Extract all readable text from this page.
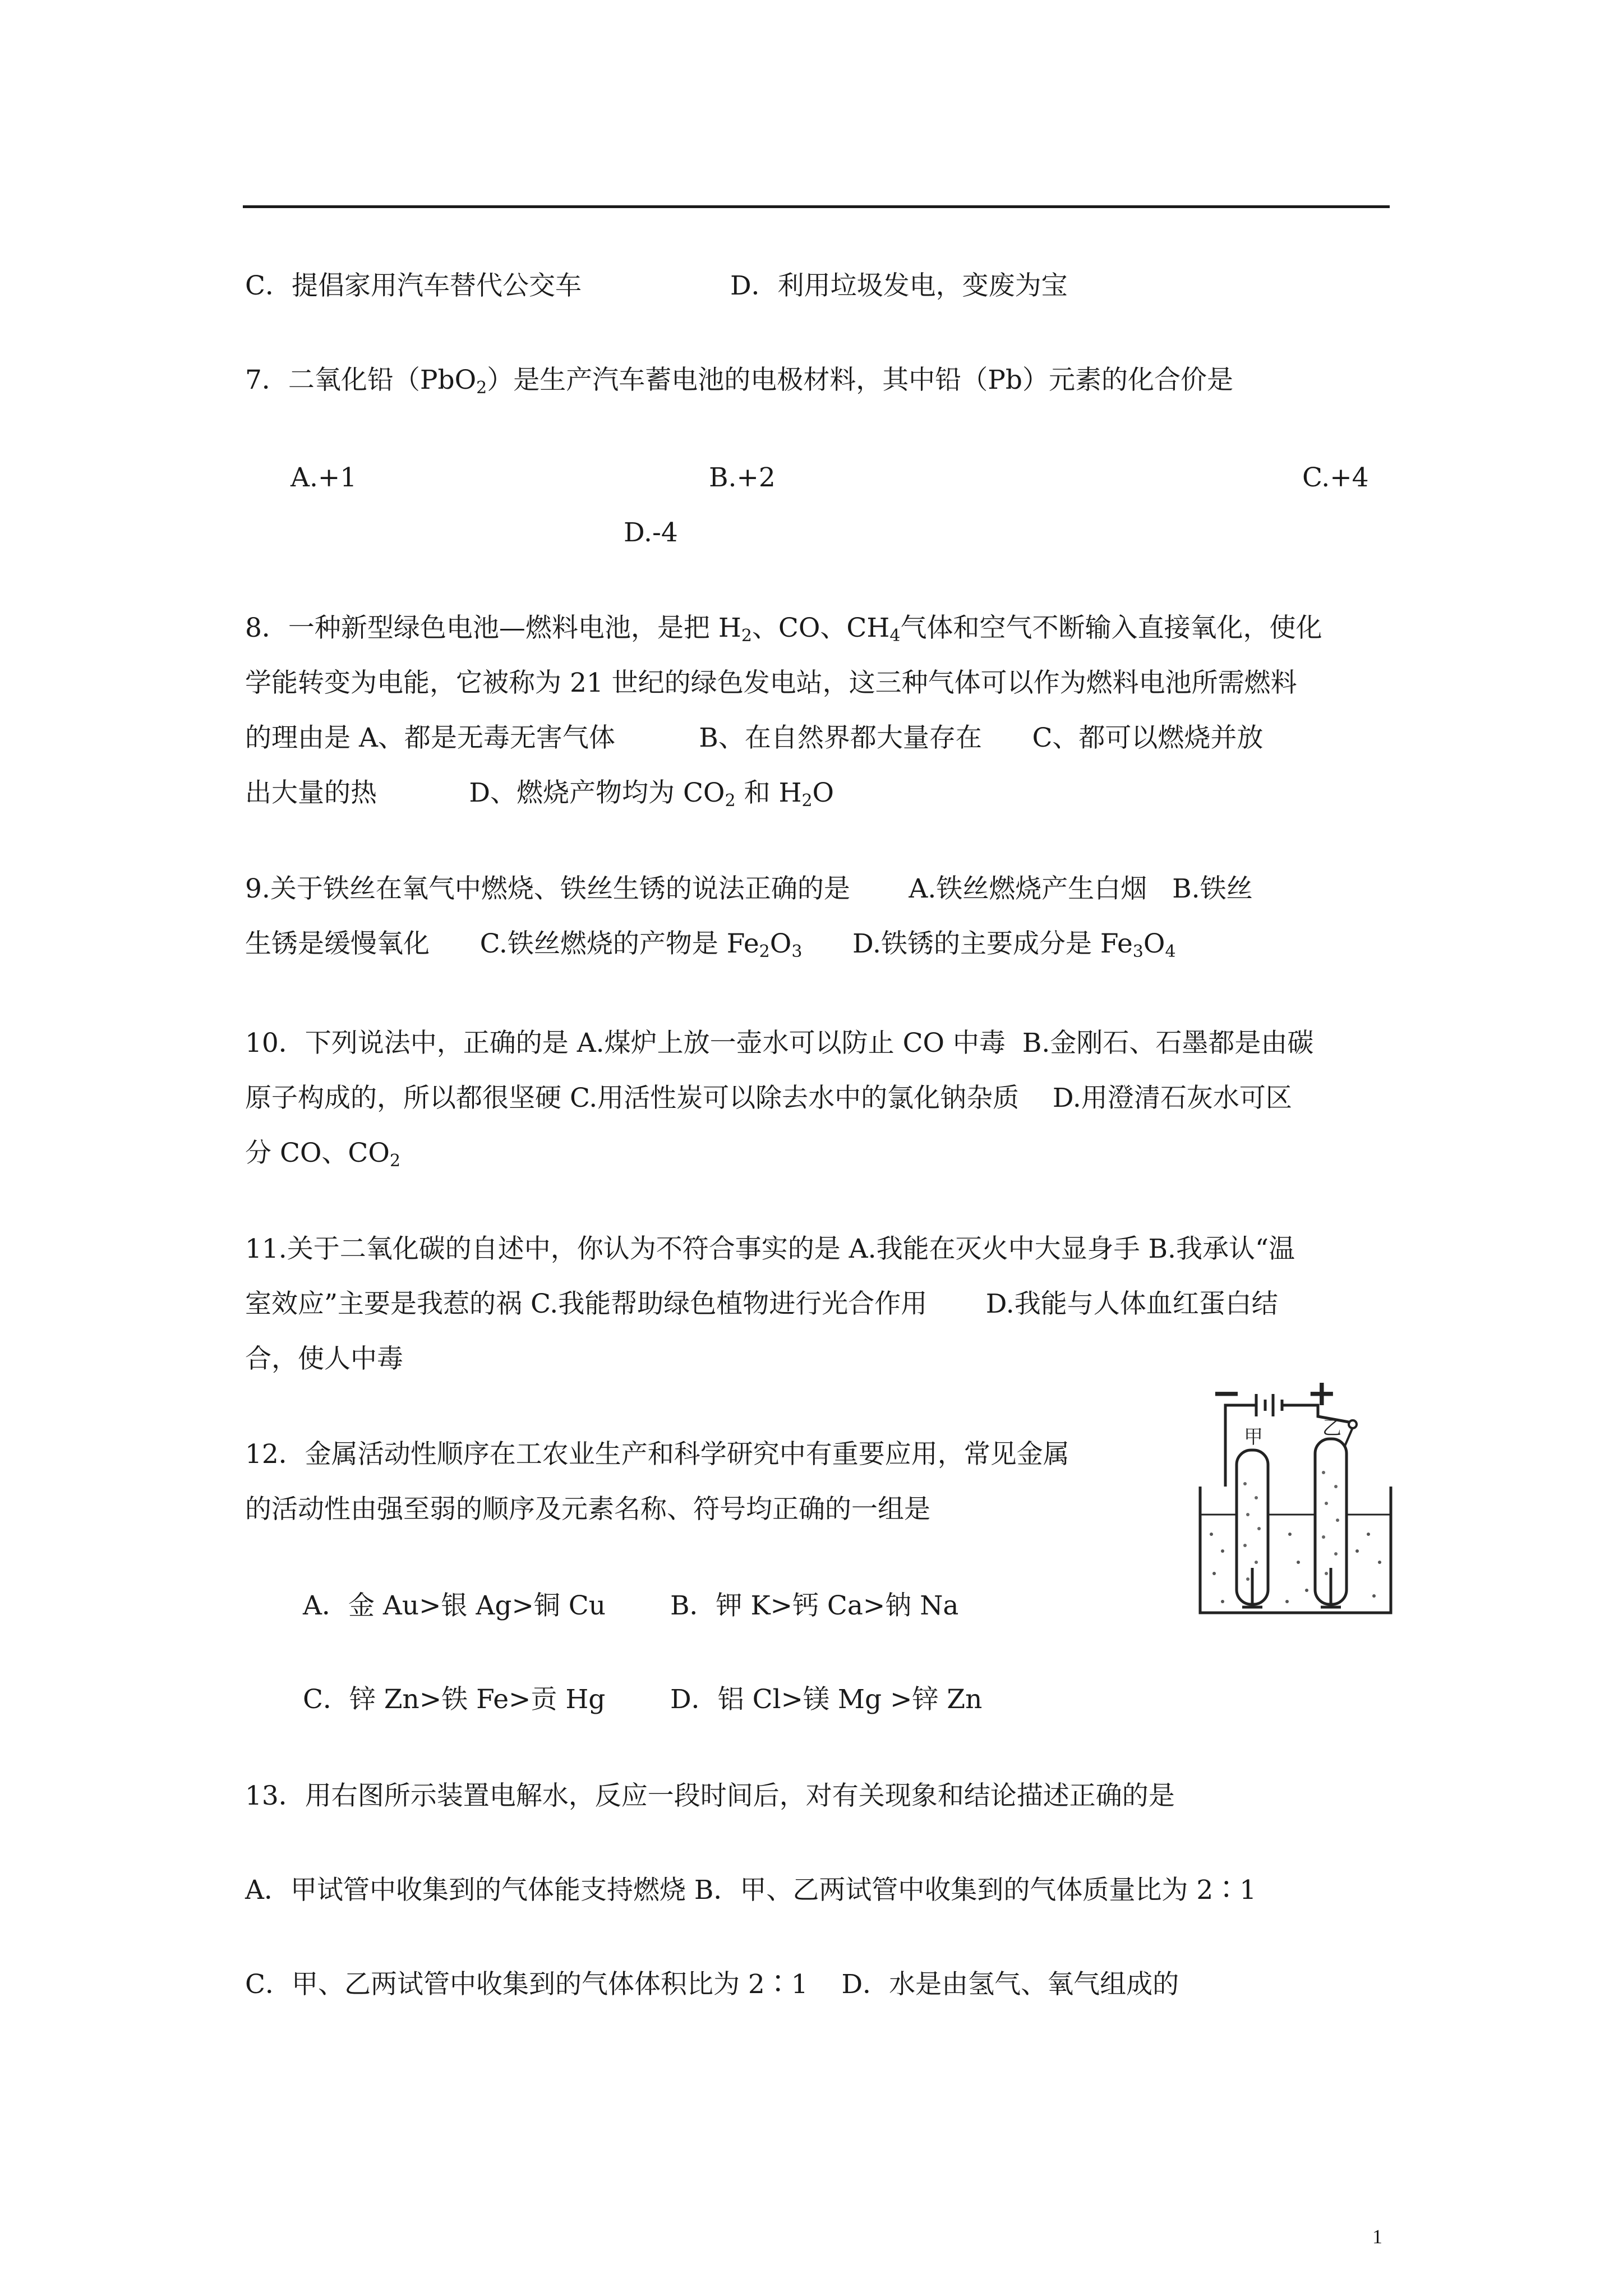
C．提倡家用汽车替代公交车	D．利用垃圾发电，变废为宝
7．二氧化铅（PbO$_2$）是生产汽车蓄电池的电极材料，其中铅（Pb）元素的化合价是
A.+1	B.+2	C.+4
D.-4
8．一种新型绿色电池—燃料电池，是把 $H_2$、CO、$CH_4$气体和空气不断输入直接氧化，使化
学能转变为电能，它被称为 21 世纪的绿色发电站，这三种气体可以作为燃料电池所需燃料
的理由是 A、都是无毒无害气体          B、在自然界都大量存在      C、都可以燃烧并放
出大量的热           D、燃烧产物均为 $CO_2$ 和 $H_2O$
9.关于铁丝在氧气中燃烧、铁丝生锈的说法正确的是       A.铁丝燃烧产生白烟   B.铁丝
生锈是缓慢氧化      C.铁丝燃烧的产物是 $Fe_2O_3$      D.铁锈的主要成分是 $Fe_3O_4$
10．下列说法中，正确的是 A.煤炉上放一壶水可以防止 CO 中毒  B.金刚石、石墨都是由碳
原子构成的，所以都很坚硬 C.用活性炭可以除去水中的氯化钠杂质    D.用澄清石灰水可区
分 CO、$CO_2$
11.关于二氧化碳的自述中，你认为不符合事实的是 A.我能在灭火中大显身手 B.我承认“温
室效应”主要是我惹的祸 C.我能帮助绿色植物进行光合作用       D.我能与人体血红蛋白结
合，使人中毒
12．金属活动性顺序在工农业生产和科学研究中有重要应用，常见金属
的活动性由强至弱的顺序及元素名称、符号均正确的一组是
A．金 Au>银 Ag>铜 Cu B．钾 K>钙 Ca>钠 Na
C．锌 Zn>铁 Fe>贡 Hg D．铝 Cl>镁 Mg >锌 Zn
− +
甲	乙
13．用右图所示装置电解水，反应一段时间后，对有关现象和结论描述正确的是
A．甲试管中收集到的气体能支持燃烧 B．甲、乙两试管中收集到的气体质量比为 2∶1
C．甲、乙两试管中收集到的气体体积比为 2∶1    D．水是由氢气、氧气组成的
1
